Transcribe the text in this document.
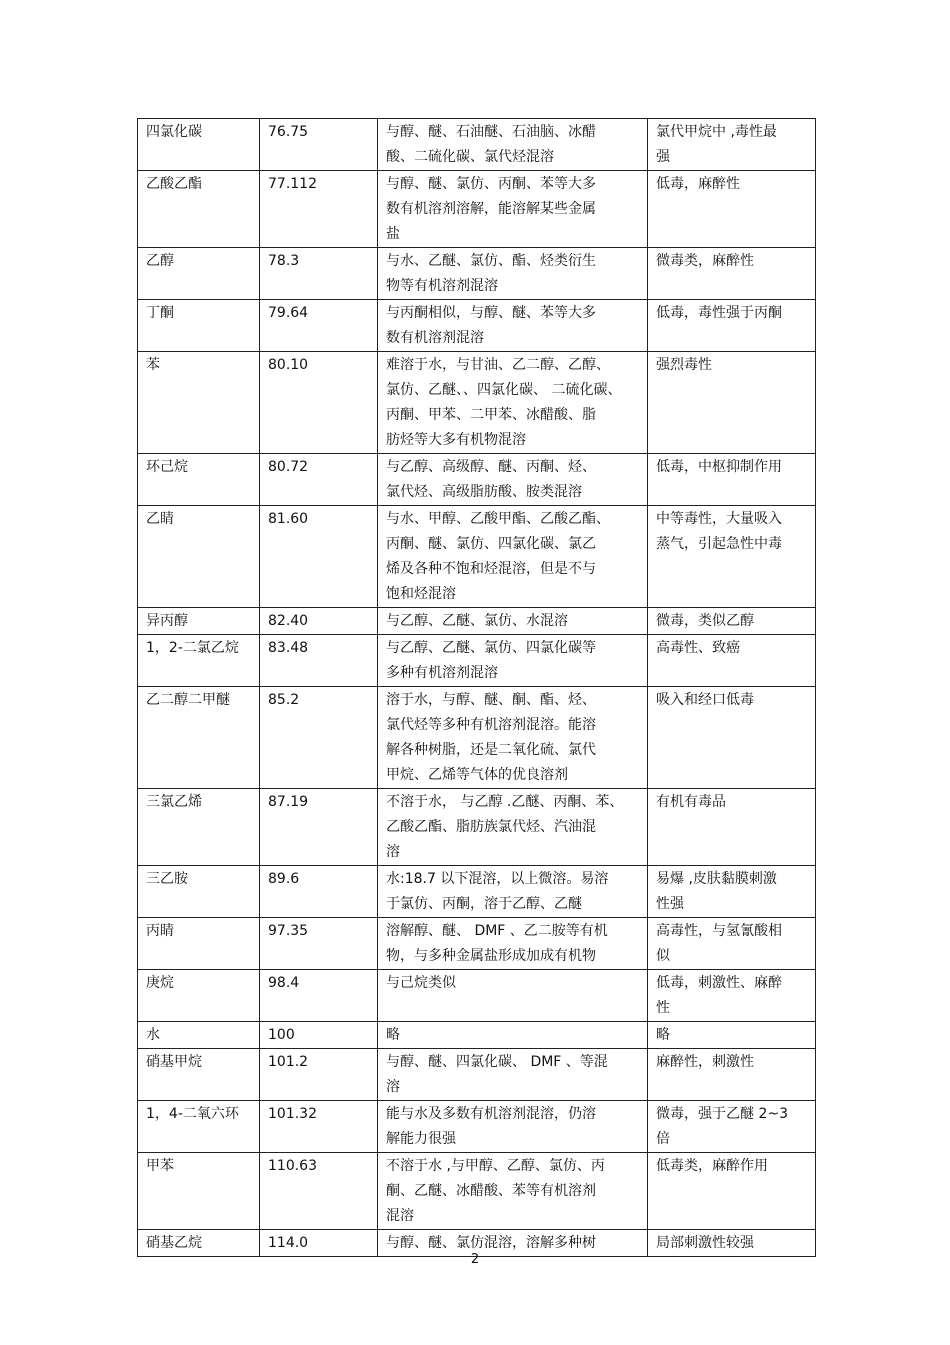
四氯化碳	76.75	与醇、醚、石油醚、石油脑、冰醋
酸、二硫化碳、氯代烃混溶	氯代甲烷中 ,毒性最
强
乙酸乙酯	77.112	与醇、醚、氯仿、丙酮、苯等大多
数有机溶剂溶解，能溶解某些金属
盐	低毒，麻醉性
乙醇	78.3	与水、乙醚、氯仿、酯、烃类衍生
物等有机溶剂混溶	微毒类，麻醉性
丁酮	79.64	与丙酮相似，与醇、醚、苯等大多
数有机溶剂混溶	低毒，毒性强于丙酮
苯	80.10	难溶于水，与甘油、乙二醇、乙醇、
氯仿、乙醚、、四氯化碳、 二硫化碳、
丙酮、甲苯、二甲苯、冰醋酸、脂
肪烃等大多有机物混溶	强烈毒性
环己烷	80.72	与乙醇、高级醇、醚、丙酮、烃、
氯代烃、高级脂肪酸、胺类混溶	低毒，中枢抑制作用
乙睛	81.60	与水、甲醇、乙酸甲酯、乙酸乙酯、
丙酮、醚、氯仿、四氯化碳、氯乙
烯及各种不饱和烃混溶，但是不与
饱和烃混溶	中等毒性，大量吸入
蒸气，引起急性中毒
异丙醇	82.40	与乙醇、乙醚、氯仿、水混溶	微毒，类似乙醇
1，2-二氯乙烷	83.48	与乙醇、乙醚、氯仿、四氯化碳等
多种有机溶剂混溶	高毒性、致癌
乙二醇二甲醚	85.2	溶于水，与醇、醚、酮、酯、烃、
氯代烃等多种有机溶剂混溶。能溶
解各种树脂，还是二氧化硫、氯代
甲烷、乙烯等气体的优良溶剂	吸入和经口低毒
三氯乙烯	87.19	不溶于水， 与乙醇 .乙醚、丙酮、苯、
乙酸乙酯、脂肪族氯代烃、汽油混
溶	有机有毒品
三乙胺	89.6	水:18.7 以下混溶，以上微溶。易溶
于氯仿、丙酮，溶于乙醇、乙醚	易爆 ,皮肤黏膜刺激
性强
丙睛	97.35	溶解醇、醚、 DMF 、乙二胺等有机
物，与多种金属盐形成加成有机物	高毒性，与氢氰酸相
似
庚烷	98.4	与己烷类似	低毒，刺激性、麻醉
性
水	100	略	略
硝基甲烷	101.2	与醇、醚、四氯化碳、 DMF 、等混
溶	麻醉性，刺激性
1，4-二氧六环	101.32	能与水及多数有机溶剂混溶，仍溶
解能力很强	微毒，强于乙醚 2~3
倍
甲苯	110.63	不溶于水 ,与甲醇、乙醇、氯仿、丙
酮、乙醚、冰醋酸、苯等有机溶剂
混溶	低毒类，麻醉作用
硝基乙烷	114.0	与醇、醚、氯仿混溶，溶解多种树	局部刺激性较强
2
